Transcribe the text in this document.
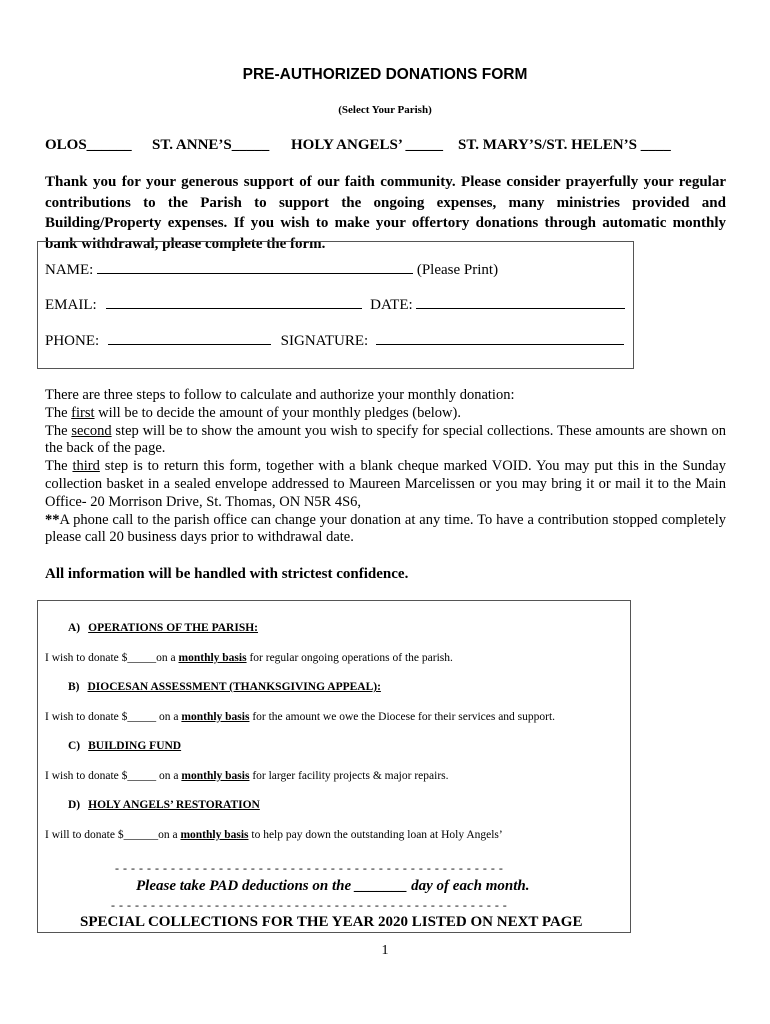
PRE-AUTHORIZED DONATIONS FORM
(Select Your Parish)
OLOS______ ST. ANNE’S_____ HOLY ANGELS’ _____ ST. MARY’S/ST. HELEN’S ____
Thank you for your generous support of our faith community. Please consider prayerfully your regular contributions to the Parish to support the ongoing expenses, many ministries provided and Building/Property expenses. If you wish to make your offertory donations through automatic monthly bank withdrawal, please complete the form.
NAME:	(Please Print)
EMAIL:	DATE:
PHONE:	SIGNATURE:

There are three steps to follow to calculate and authorize your monthly donation:

The first will be to decide the amount of your monthly pledges (below).

The second step will be to show the amount you wish to specify for special collections. These amounts are shown on the back of the page.

The third step is to return this form, together with a blank cheque marked VOID. You may put this in the Sunday collection basket in a sealed envelope addressed to Maureen Marcelissen or you may bring it or mail it to the Main Office- 20 Morrison Drive, St. Thomas, ON N5R 4S6,

**A phone call to the parish office can change your donation at any time. To have a contribution stopped completely please call 20 business days prior to withdrawal date.

All information will be handled with strictest confidence.
A) OPERATIONS OF THE PARISH:
I wish to donate $_____on a monthly basis for regular ongoing operations of the parish.
B) DIOCESAN ASSESSMENT (THANKSGIVING APPEAL):
I wish to donate $_____ on a monthly basis for the amount we owe the Diocese for their services and support.
C) BUILDING FUND
I wish to donate $_____ on a monthly basis for larger facility projects & major repairs.
D) HOLY ANGELS’ RESTORATION
I will to donate $______on a monthly basis to help pay down the outstanding loan at Holy Angels’
- - - - - - - - - - - - - - - - - - - - - - - - - - - - - - - - - - - - - - - - - - - - - - - - -
Please take PAD deductions on the _______ day of each month.
- - - - - - - - - - - - - - - - - - - - - - - - - - - - - - - - - - - - - - - - - - - - - - - - - -
SPECIAL COLLECTIONS FOR THE YEAR 2020 LISTED ON NEXT PAGE
1
